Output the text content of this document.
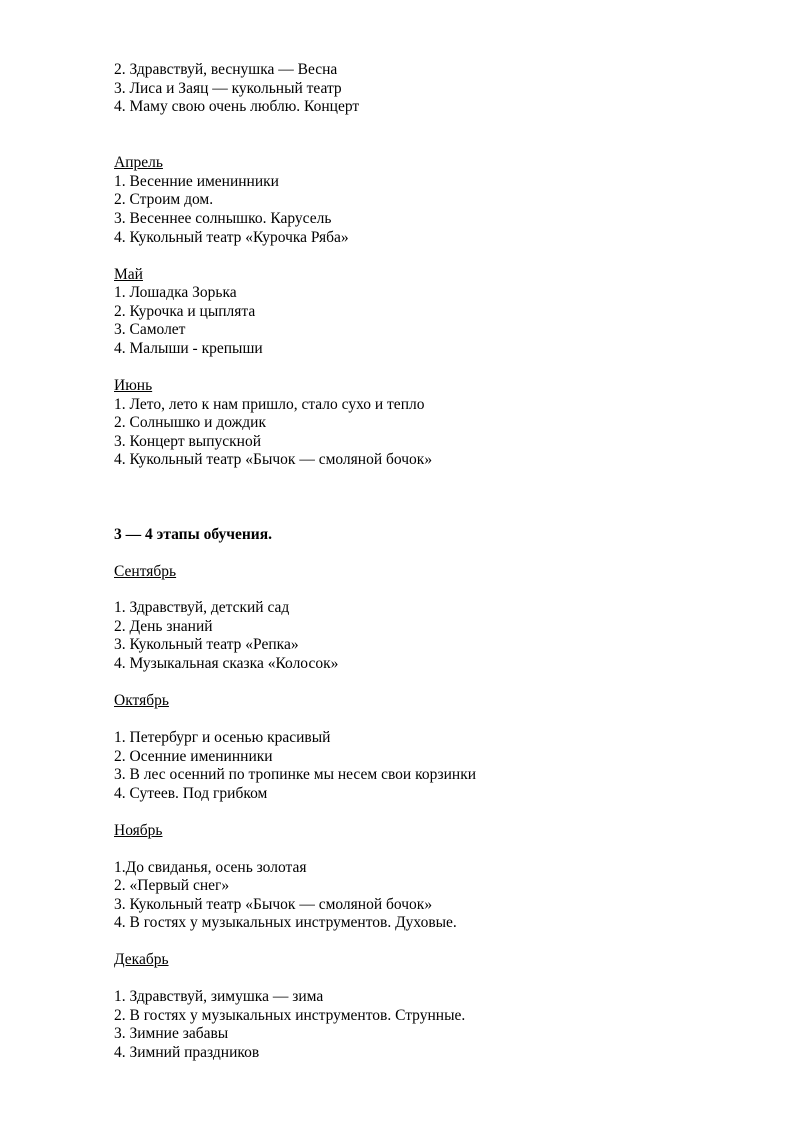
2. Здравствуй, веснушка — Весна
3. Лиса и Заяц — кукольный театр
4. Маму свою очень люблю. Концерт
Апрель
1. Весенние именинники
2. Строим дом.
3. Весеннее солнышко. Карусель
4. Кукольный театр «Курочка Ряба»
Май
1. Лошадка Зорька
2. Курочка и цыплята
3. Самолет
4. Малыши - крепыши
Июнь
1. Лето, лето к нам пришло, стало сухо и тепло
2. Солнышко и дождик
3. Концерт выпускной
4. Кукольный театр «Бычок — смоляной бочок»
3 — 4 этапы обучения.
Сентябрь
1. Здравствуй, детский сад
2. День знаний
3. Кукольный театр «Репка»
4. Музыкальная сказка «Колосок»
Октябрь
1. Петербург и осенью красивый
2. Осенние именинники
3. В лес осенний по тропинке мы несем свои корзинки
4. Сутеев. Под грибком
Ноябрь
1.До свиданья, осень золотая
2. «Первый снег»
3. Кукольный театр «Бычок — смоляной бочок»
4. В гостях у музыкальных инструментов. Духовые.
Декабрь
1. Здравствуй, зимушка — зима
2. В гостях у музыкальных инструментов. Струнные.
3. Зимние забавы
4. Зимний праздников
